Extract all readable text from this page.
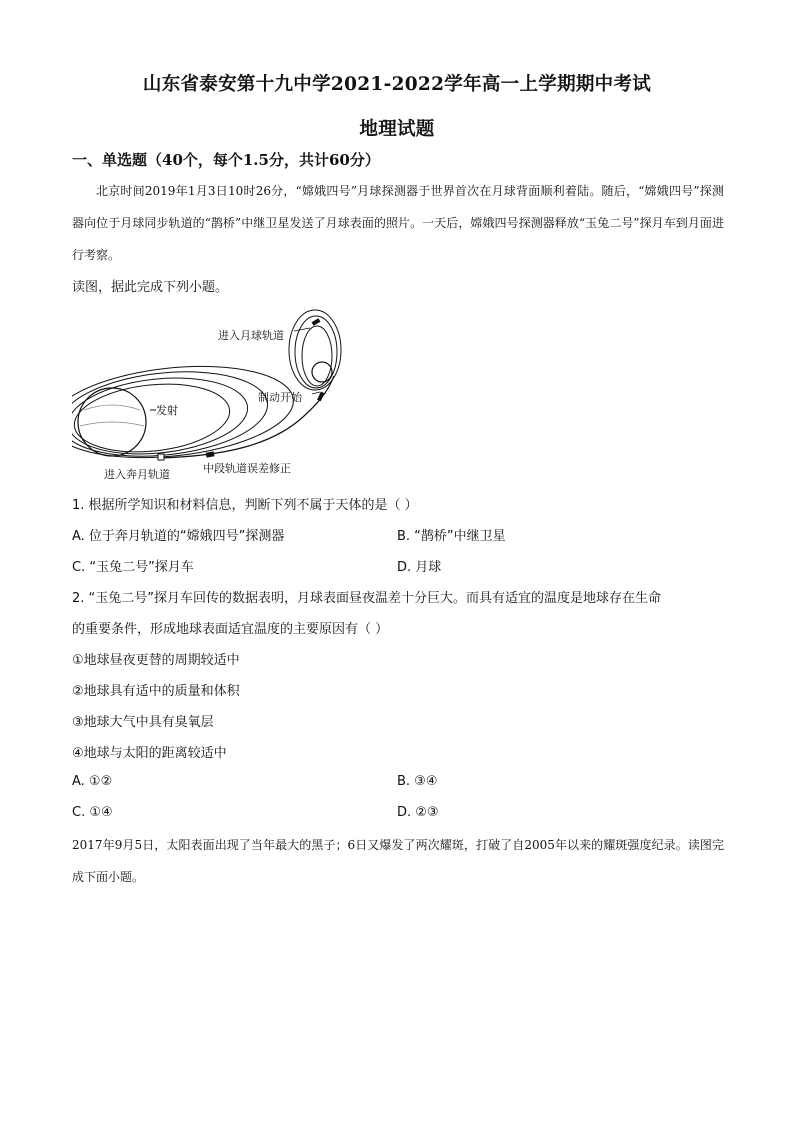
山东省泰安第十九中学2021-2022学年高一上学期期中考试
地理试题
一、单选题（40个，每个1.5分，共计60分）
北京时间2019年1月3日10时26分，“嫦娥四号”月球探测器于世界首次在月球背面顺利着陆。随后，“嫦娥四号”探测器向位于月球同步轨道的“鹊桥”中继卫星发送了月球表面的照片。一天后，嫦娥四号探测器释放“玉兔二号”探月车到月面进行考察。
读图，据此完成下列小题。
发射
进入月球轨道
制动开始
进入奔月轨道	中段轨道误差修正
1. 根据所学知识和材料信息，判断下列不属于天体的是（ ）
A. 位于奔月轨道的“嫦娥四号”探测器	B. “鹊桥”中继卫星
C. “玉兔二号”探月车	D. 月球
2. “玉兔二号”探月车回传的数据表明，月球表面昼夜温差十分巨大。而具有适宜的温度是地球存在生命
的重要条件，形成地球表面适宜温度的主要原因有（ ）
①地球昼夜更替的周期较适中
②地球具有适中的质量和体积
③地球大气中具有臭氧层
④地球与太阳的距离较适中
A. ①②	B. ③④
C. ①④	D. ②③
2017年9月5日，太阳表面出现了当年最大的黑子；6日又爆发了两次耀斑，打破了自2005年以来的耀斑强度纪录。读图完成下面小题。
